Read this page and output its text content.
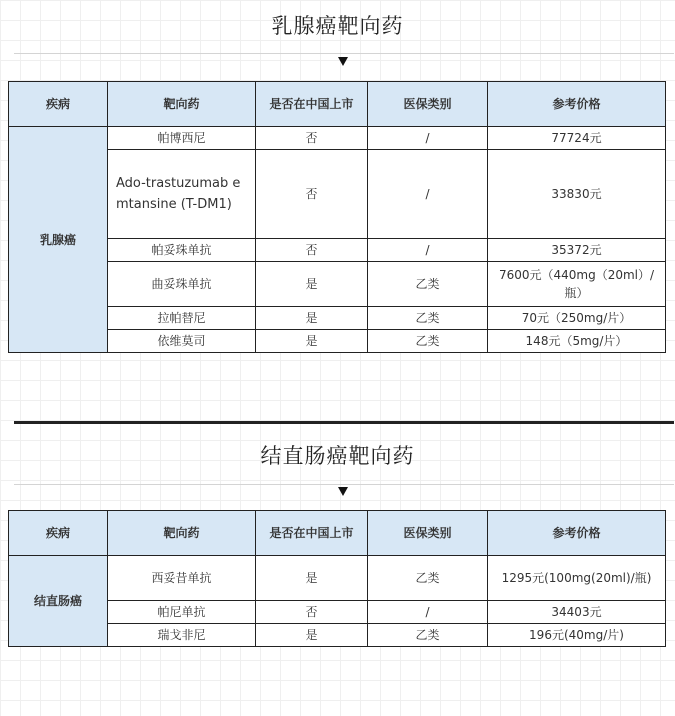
乳腺癌靶向药
疾病	靶向药	是否在中国上市	医保类别	参考价格
乳腺癌	帕博西尼	否	/	77724元
	Ado-trastuzumab emtansine (T-DM1)	否	/	33830元
	帕妥珠单抗	否	/	35372元
	曲妥珠单抗	是	乙类	7600元（440mg（20ml）/瓶）
	拉帕替尼	是	乙类	70元（250mg/片）
	依维莫司	是	乙类	148元（5mg/片）
结直肠癌靶向药
疾病	靶向药	是否在中国上市	医保类别	参考价格
结直肠癌	西妥昔单抗	是	乙类	1295元(100mg(20ml)/瓶)
	帕尼单抗	否	/	34403元
	瑞戈非尼	是	乙类	196元(40mg/片)
